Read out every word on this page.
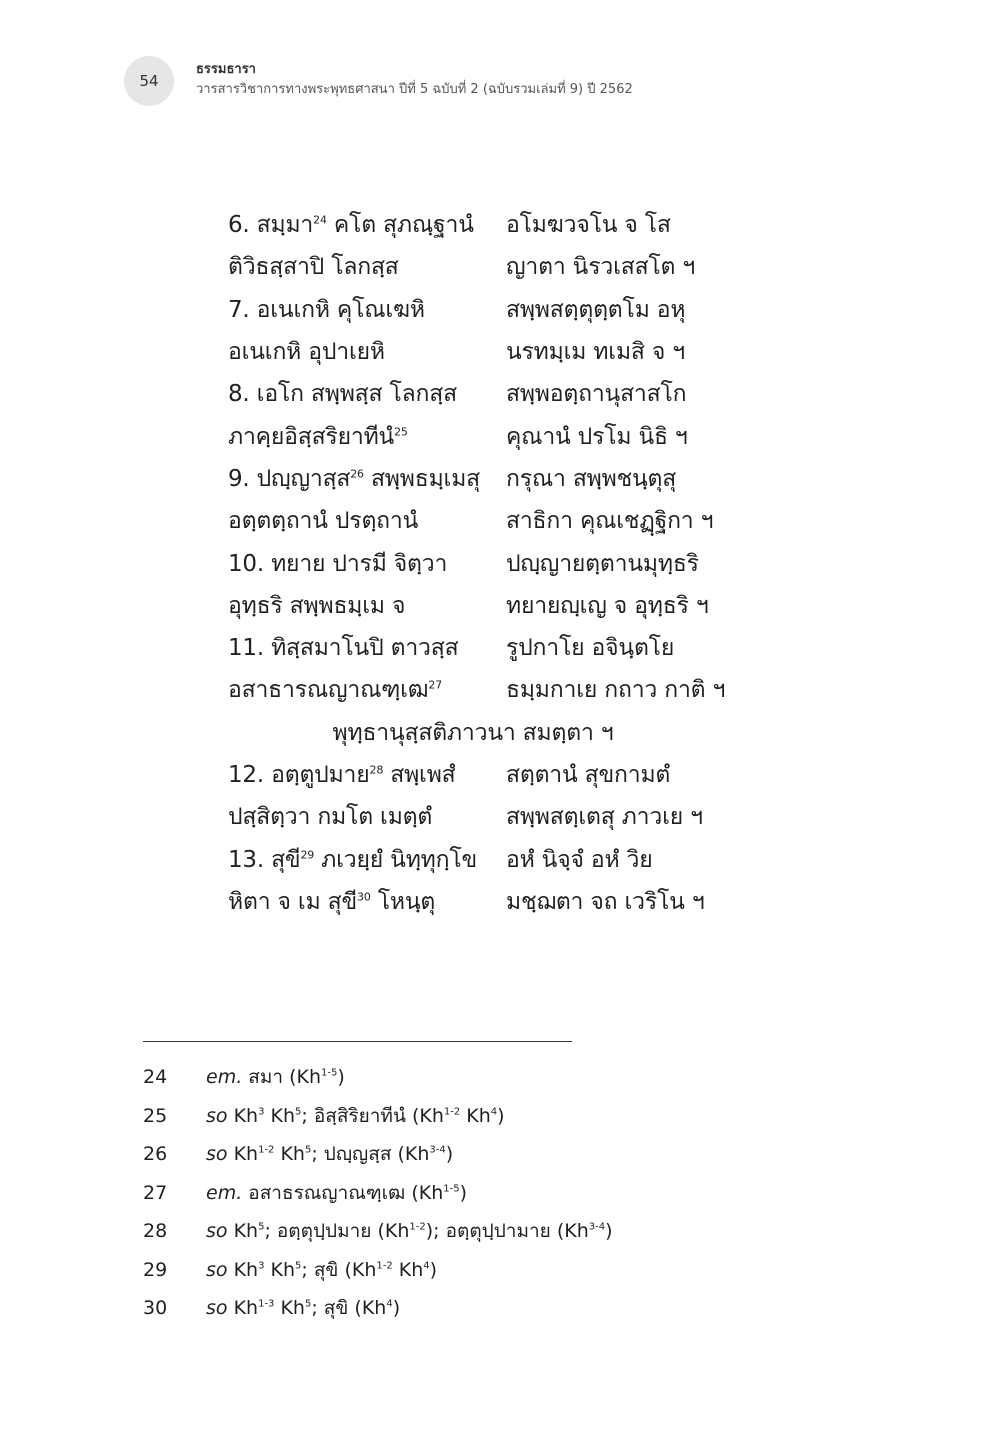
54
ธรรมธารา
วารสารวิชาการทางพระพุทธศาสนา ปีที่ 5 ฉบับที่ 2 (ฉบับรวมเล่มที่ 9) ปี 2562
6. สมฺมา$^{24}$ คโต สุภณฺฐานํ	อโมฆวจโน จ โส
ติวิธสฺสาปิ โลกสฺส	ญาตา นิรวเสสโต ฯ
7. อเนเกหิ คุโณเฆหิ	สพฺพสตฺตุตฺตโม อหุ
อเนเกหิ อุปาเยหิ	นรทมฺเม ทเมสิ จ ฯ
8. เอโก สพฺพสฺส โลกสฺส	สพฺพอตฺถานุสาสโก
ภาคฺยอิสฺสริยาทีนํ$^{25}$	คุณานํ ปรโม นิธิ ฯ
9. ปญฺญาสฺส$^{26}$ สพฺพธมฺเมสุ	กรุณา สพฺพชนฺตุสุ
อตฺตตฺถานํ ปรตฺถานํ	สาธิกา คุณเชฏฺฐิกา ฯ
10. ทยาย ปารมี จิตฺวา	ปญฺญายตฺตานมุทฺธริ
อุทฺธริ สพฺพธมฺเม จ	ทยายญฺเญ จ อุทฺธริ ฯ
11. ทิสฺสมาโนปิ ตาวสฺส	รูปกาโย อจินฺตโย
อสาธารณญาณฑฺเฒ$^{27}$	ธมฺมกาเย กถาว กาติ ฯ
พุทฺธานุสฺสติภาวนา สมตฺตา ฯ
12. อตฺตูปมาย$^{28}$ สพฺเพสํ	สตฺตานํ สุขกามตํ
ปสฺสิตฺวา กมโต เมตฺตํ	สพฺพสตฺเตสุ ภาวเย ฯ
13. สุขี$^{29}$ ภเวยฺยํ นิทฺทุกฺโข	อหํ นิจฺจํ อหํ วิย
หิตา จ เม สุขี$^{30}$ โหนฺตุ	มชฺฌตา จถ เวริโน ฯ
24	em. สมา (Kh$^{1-5}$)
25	so Kh$^3$ Kh$^5$; อิสฺสิริยาทีนํ (Kh$^{1-2}$ Kh$^4$)
26	so Kh$^{1-2}$ Kh$^5$; ปญฺญสฺส (Kh$^{3-4}$)
27	em. อสาธรณญาณฑฺเฒ (Kh$^{1-5}$)
28	so Kh$^5$; อตฺตุปฺปมาย (Kh$^{1-2}$); อตฺตุปฺปามาย (Kh$^{3-4}$)
29	so Kh$^3$ Kh$^5$; สุขิ (Kh$^{1-2}$ Kh$^4$)
30	so Kh$^{1-3}$ Kh$^5$; สุขิ (Kh$^4$)
